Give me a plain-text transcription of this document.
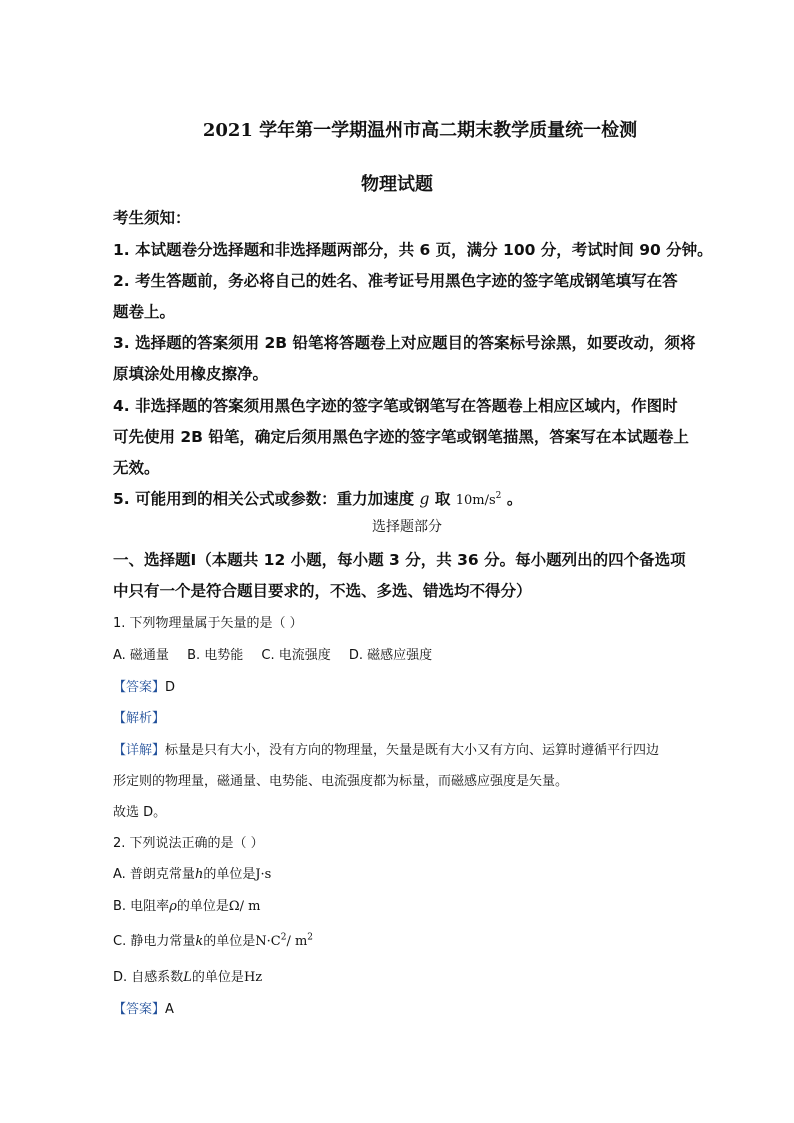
2021 学年第一学期温州市高二期末教学质量统一检测
物理试题
考生须知：
1. 本试题卷分选择题和非选择题两部分，共 6 页，满分 100 分，考试时间 90 分钟。
2. 考生答题前，务必将自己的姓名、准考证号用黑色字迹的签字笔成钢笔填写在答
题卷上。
3. 选择题的答案须用 2B 铅笔将答题卷上对应题目的答案标号涂黑，如要改动，须将
原填涂处用橡皮擦净。
4. 非选择题的答案须用黑色字迹的签字笔或钢笔写在答题卷上相应区域内，作图时
可先使用 2B 铅笔，确定后须用黑色字迹的签字笔或钢笔描黑，答案写在本试题卷上
无效。
5. 可能用到的相关公式或参数：重力加速度 g 取 $10m/s^2$ 。
选择题部分
一、选择题Ⅰ（本题共 12 小题，每小题 3 分，共 36 分。每小题列出的四个备选项
中只有一个是符合题目要求的，不选、多选、错选均不得分）
1. 下列物理量属于矢量的是（ ）
A. 磁通量 B. 电势能 C. 电流强度 D. 磁感应强度
【答案】D
【解析】
【详解】标量是只有大小，没有方向的物理量，矢量是既有大小又有方向、运算时遵循平行四边
形定则的物理量，磁通量、电势能、电流强度都为标量，而磁感应强度是矢量。
故选 D。
2. 下列说法正确的是（ ）
A. 普朗克常量h的单位是J·s
B. 电阻率ρ的单位是Ω/ m
C. 静电力常量k的单位是$N\cdot C^2/$ $m^2$
D. 自感系数L的单位是Hz
【答案】A
